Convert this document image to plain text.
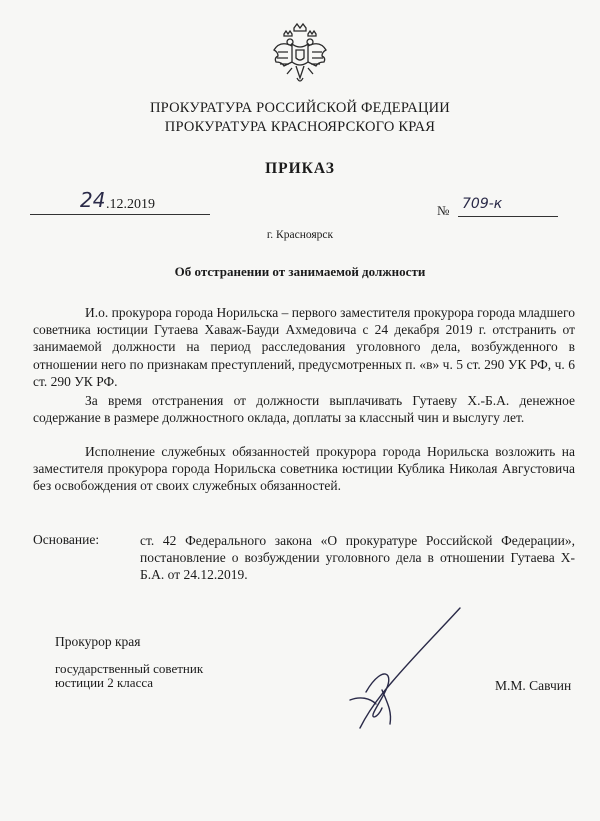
ПРОКУРАТУРА РОССИЙСКОЙ ФЕДЕРАЦИИ
ПРОКУРАТУРА КРАСНОЯРСКОГО КРАЯ
ПРИКАЗ
24 .12.2019	№ 709-к
г. Красноярск
Об отстранении от занимаемой должности

И.о. прокурора города Норильска – первого заместителя прокурора города младшего советника юстиции Гутаева Хаваж-Бауди Ахмедовича с 24 декабря 2019 г. отстранить от занимаемой должности на период расследования уголовного дела, возбужденного в отношении него по признакам преступлений, предусмотренных п. «в» ч. 5 ст. 290 УК РФ, ч. 6 ст. 290 УК РФ.

За время отстранения от должности выплачивать Гутаеву Х.-Б.А. денежное содержание в размере должностного оклада, доплаты за классный чин и выслугу лет.

Исполнение служебных обязанностей прокурора города Норильска возложить на заместителя прокурора города Норильска советника юстиции Кублика Николая Августовича без освобождения от своих служебных обязанностей.

Основание:	ст. 42 Федерального закона «О прокуратуре Российской Федерации», постановление о возбуждении уголовного дела в отношении Гутаева Х-Б.А. от 24.12.2019.

Прокурор края
государственный советник
юстиции 2 класса	М.М. Савчин
